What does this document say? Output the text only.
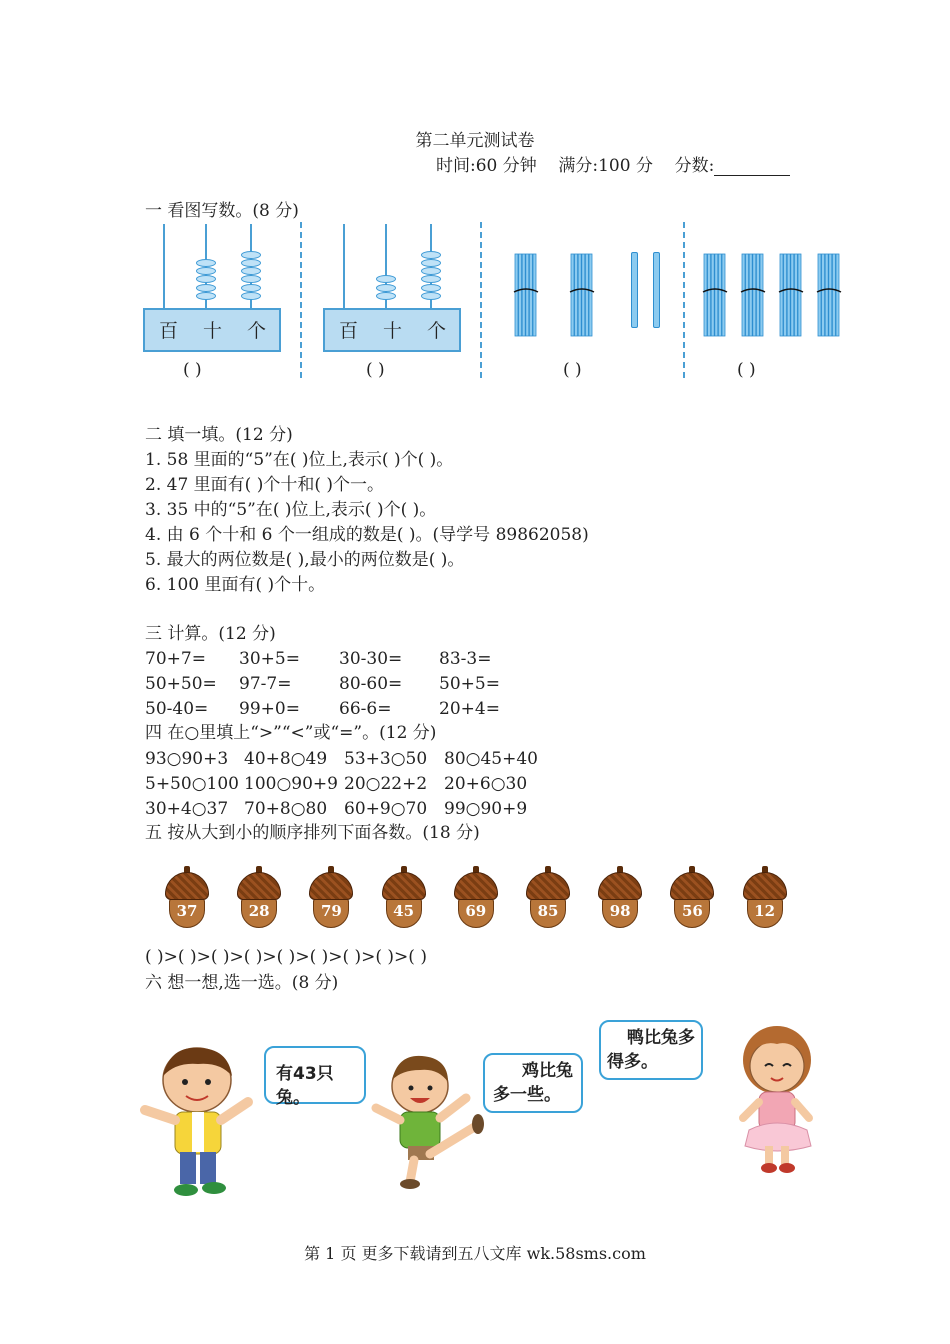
第二单元测试卷
时间:60 分钟 满分:100 分 分数:
一 看图写数。(8 分)
百 十 个	百 十 个
( )	( )	( )	( )
二 填一填。(12 分)
1. 58 里面的“5”在( )位上,表示( )个( )。
2. 47 里面有( )个十和( )个一。
3. 35 中的“5”在( )位上,表示( )个( )。
4. 由 6 个十和 6 个一组成的数是( )。(导学号 89862058)
5. 最大的两位数是( ),最小的两位数是( )。
6. 100 里面有( )个十。
三 计算。(12 分)
70+7= 30+5= 30-30= 83-3=
50+50= 97-7=	80-60= 50+5=
50-40= 99+0= 66-6=	20+4=
四 在○里填上“>”“<”或“=”。(12 分)
93○90+3 40+8○49 53+3○50 80○45+40
5+50○100 100○90+9 20○22+2 20+6○30
30+4○37 70+8○80 60+9○70 99○90+9
五 按从大到小的顺序排列下面各数。(18 分)
37	28	79	45	69	85	98	56	12
( )>( )>( )>( )>( )>( )>( )>( )>( )
六 想一想,选一选。(8 分)
有43只兔。
鸡比兔
多一些。
鸭比兔多
得多。
第 1 页 更多下载请到五八文库 wk.58sms.com
